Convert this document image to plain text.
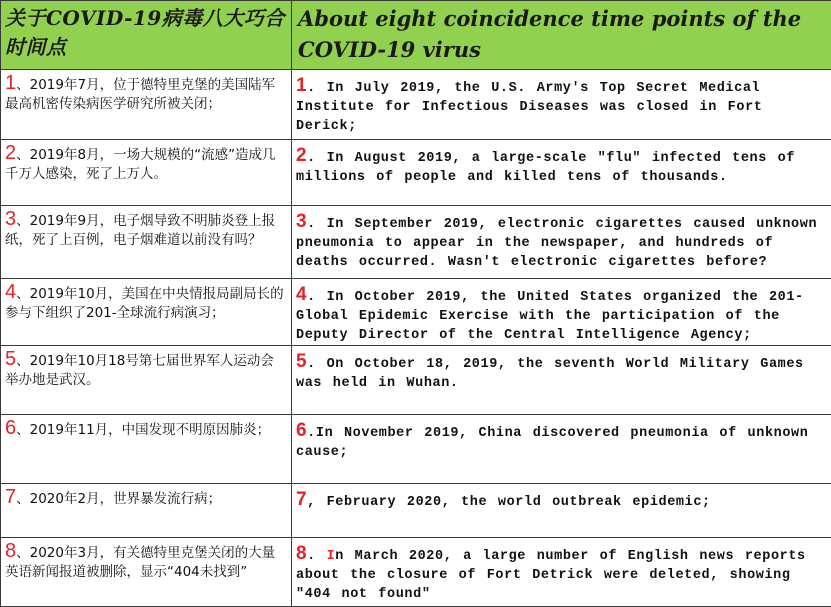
关于COVID-19病毒八大巧合时间点	About eight coincidence time points of the COVID-19 virus

1、2019年7月，位于德特里克堡的美国陆军最高机密传染病医学研究所被关闭；	1. In July 2019, the U.S. Army's Top Secret Medical Institute for Infectious Diseases was closed in Fort Derick;

2、2019年8月，一场大规模的“流感”造成几千万人感染，死了上万人。	2. In August 2019, a large-scale "flu" infected tens of millions of people and killed tens of thousands.

3、2019年9月，电子烟导致不明肺炎登上报纸，死了上百例，电子烟难道以前没有吗？	3. In September 2019, electronic cigarettes caused unknown pneumonia to appear in the newspaper, and hundreds of deaths occurred. Wasn't electronic cigarettes before?

4、2019年10月，美国在中央情报局副局长的参与下组织了201-全球流行病演习；	4. In October 2019, the United States organized the 201-Global Epidemic Exercise with the participation of the Deputy Director of the Central Intelligence Agency;

5、2019年10月18号第七届世界军人运动会举办地是武汉。	5. On October 18, 2019, the seventh World Military Games was held in Wuhan.

6、2019年11月，中国发现不明原因肺炎；	6.In November 2019, China discovered pneumonia of unknown cause;

7、2020年2月，世界暴发流行病；	7, February 2020, the world outbreak epidemic;

8、2020年3月，有关德特里克堡关闭的大量英语新闻报道被删除，显示“404未找到”	8. In March 2020, a large number of English news reports about the closure of Fort Detrick were deleted, showing "404 not found"
